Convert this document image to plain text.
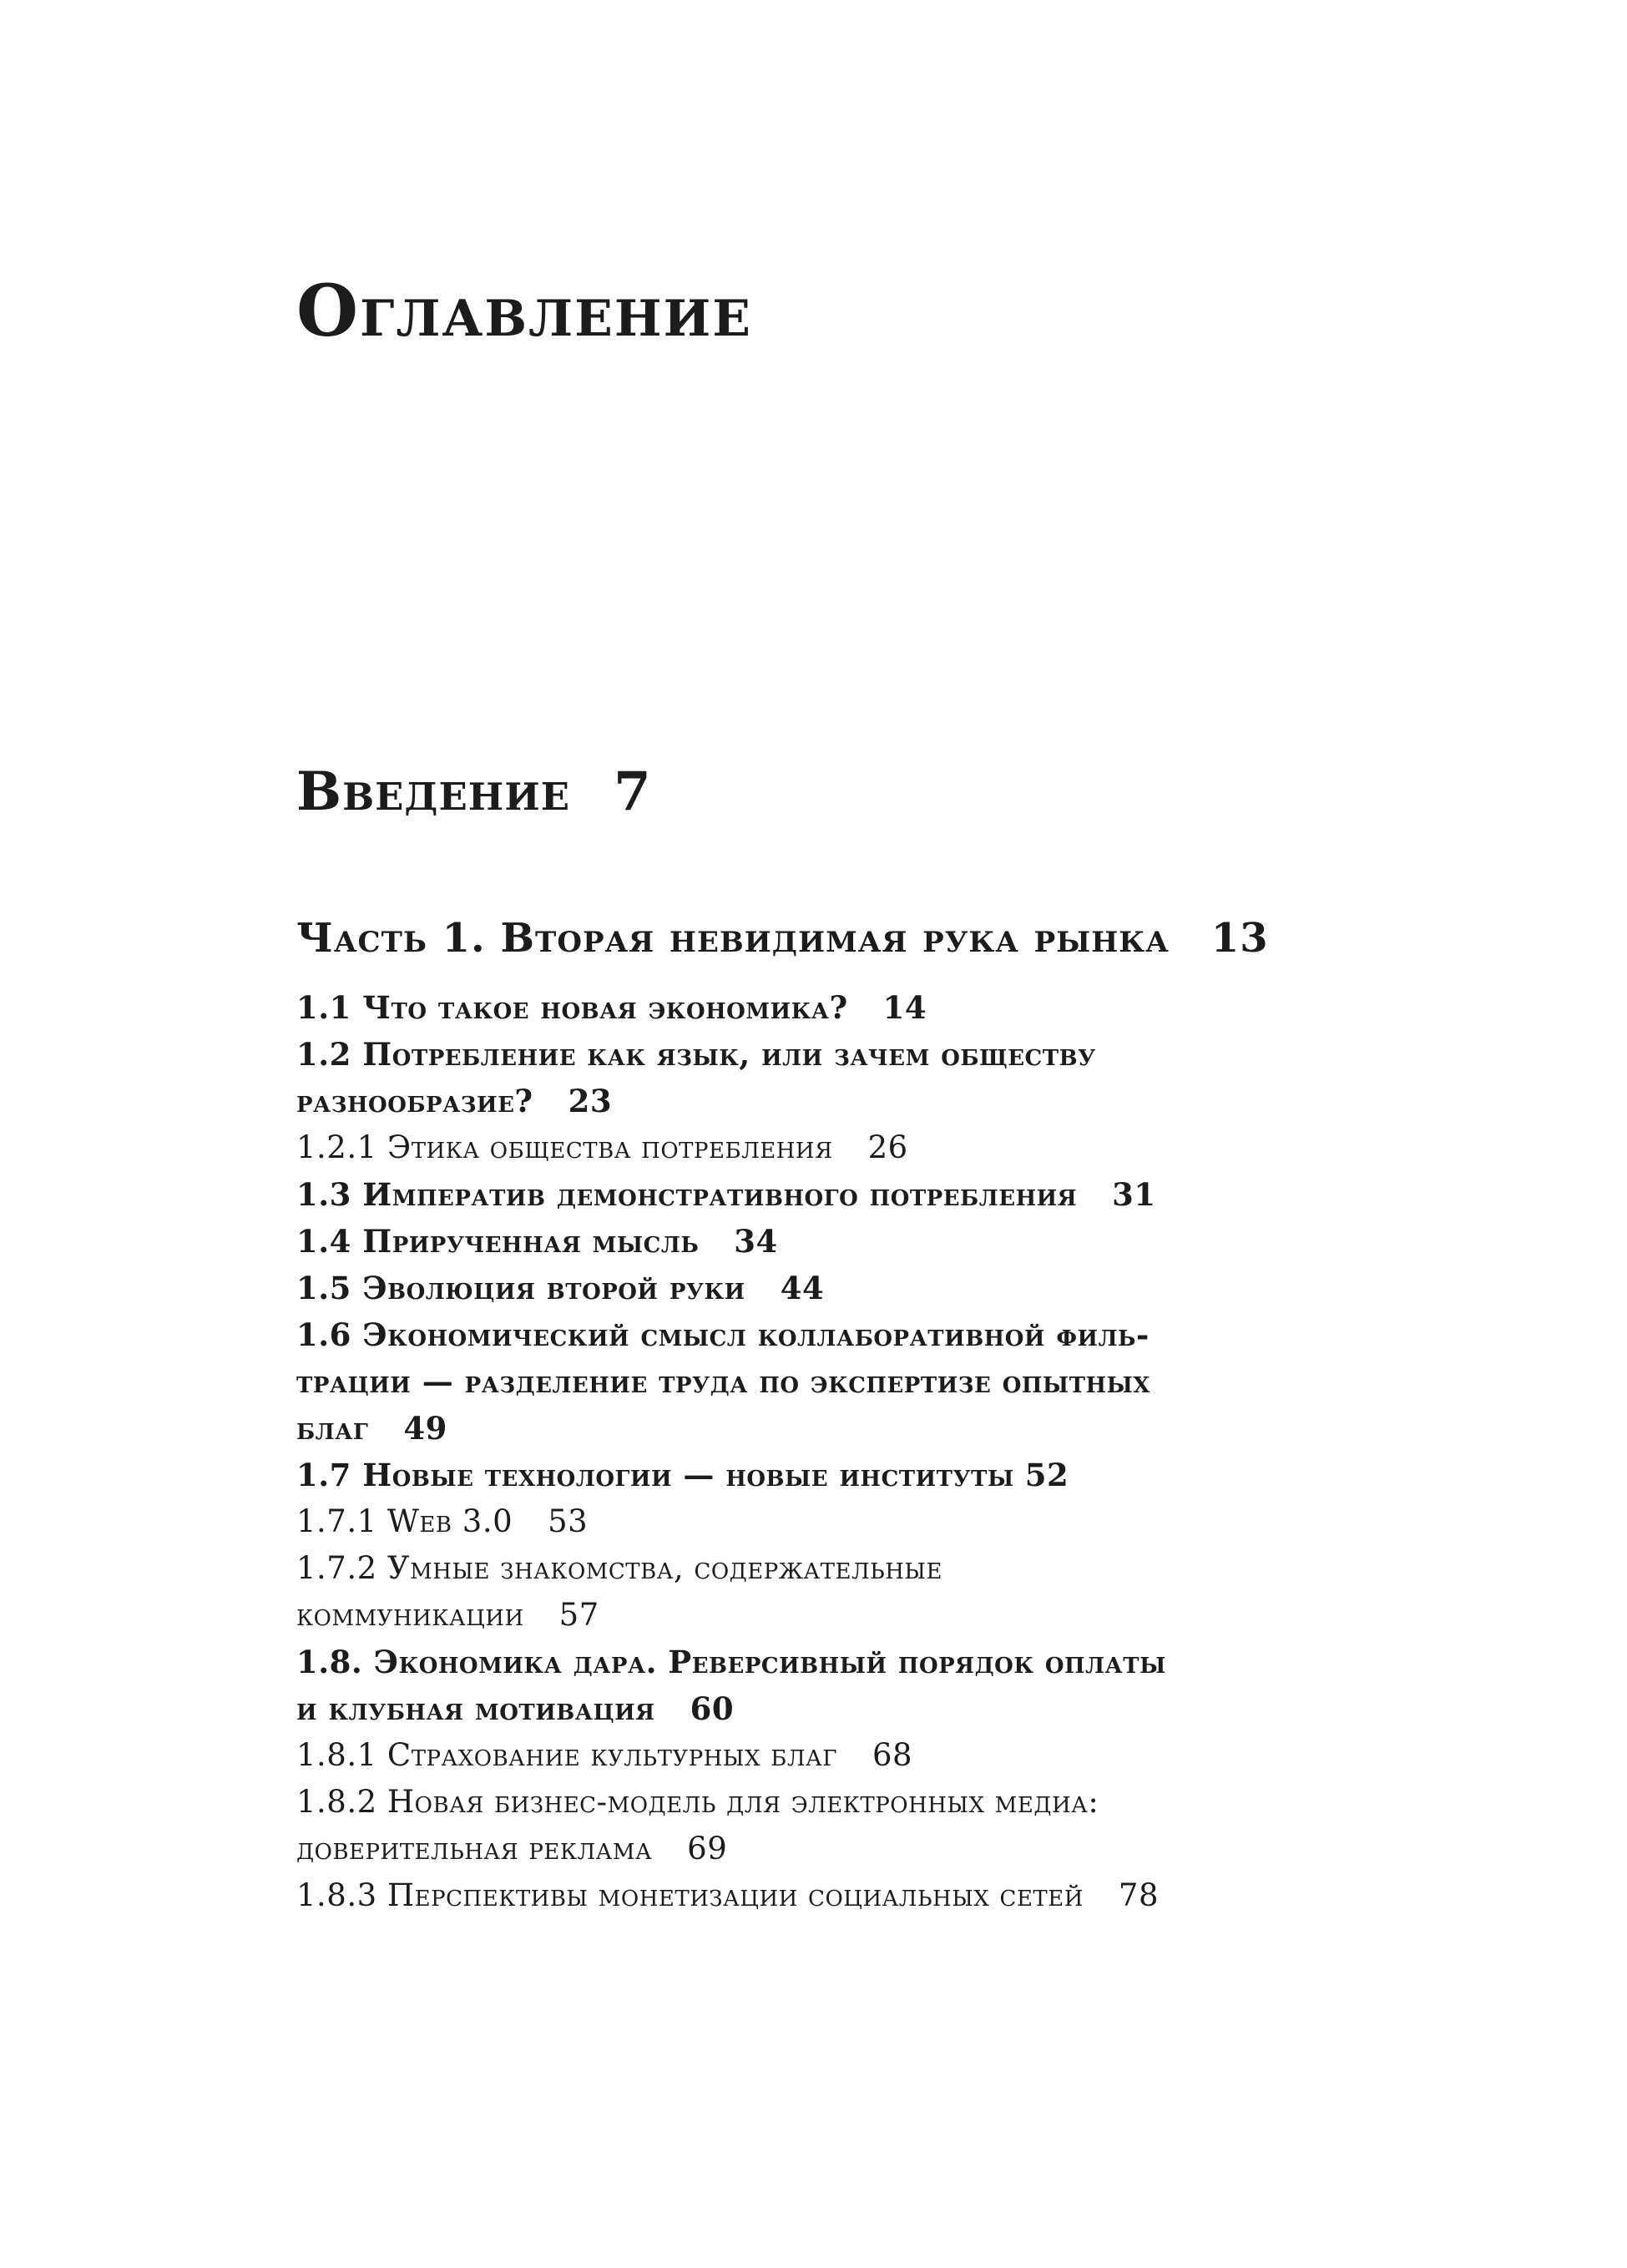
Оглавление
Введение 7
Часть 1. Вторая невидимая рука рынка 13
1.1 Что такое новая экономика? 14
1.2 Потребление как язык, или зачем обществу
разнообразие? 23
1.2.1 Этика общества потребления 26
1.3 Императив демонстративного потребления 31
1.4 Прирученная мысль 34
1.5 Эволюция второй руки 44
1.6 Экономический смысл коллаборативной филь-
трации — разделение труда по экспертизе опытных
благ 49
1.7 Новые технологии — новые институты 52
1.7.1 Web 3.0 53
1.7.2 Умные знакомства, содержательные
коммуникации 57
1.8. Экономика дара. Реверсивный порядок оплаты
и клубная мотивация 60
1.8.1 Страхование культурных благ 68
1.8.2 Новая бизнес-модель для электронных медиа:
доверительная реклама 69
1.8.3 Перспективы монетизации социальных сетей 78
